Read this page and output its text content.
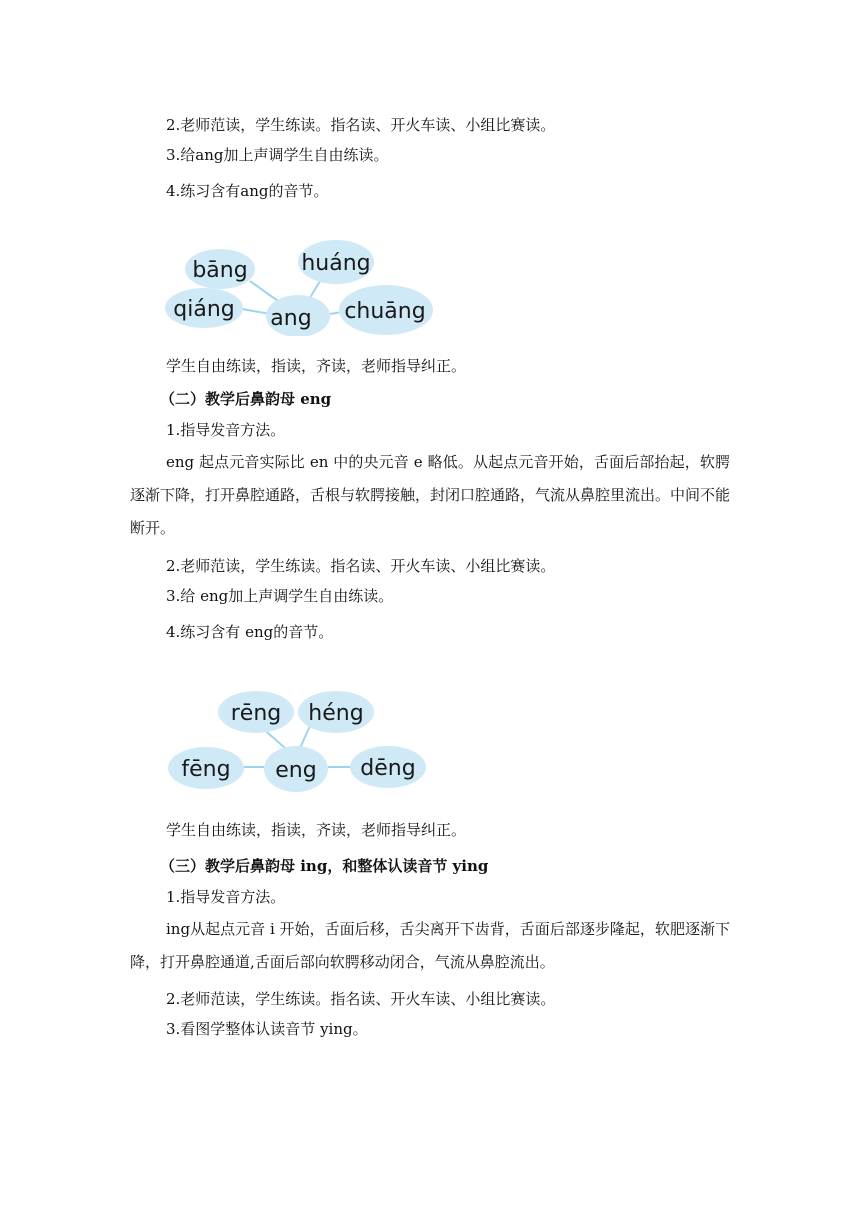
2.老师范读，学生练读。指名读、开火车读、小组比赛读。
3.给ang加上声调学生自由练读。
4.练习含有ang的音节。
bāng huáng
qiáng ang chuāng
学生自由练读，指读，齐读，老师指导纠正。
（二）教学后鼻韵母 eng
1.指导发音方法。
eng 起点元音实际比 en 中的央元音 e 略低。从起点元音开始，舌面后部抬起，软腭逐渐下降，打开鼻腔通路，舌根与软腭接触，封闭口腔通路，气流从鼻腔里流出。中间不能断开。
2.老师范读，学生练读。指名读、开火车读、小组比赛读。
3.给 eng加上声调学生自由练读。
4.练习含有 eng的音节。
rēng héng
fēng eng dēng
学生自由练读，指读，齐读，老师指导纠正。
（三）教学后鼻韵母 ing，和整体认读音节 ying
1.指导发音方法。
ing从起点元音 i 开始，舌面后移，舌尖离开下齿背，舌面后部逐步隆起，软肥逐渐下降，打开鼻腔通道,舌面后部向软腭移动闭合，气流从鼻腔流出。
2.老师范读，学生练读。指名读、开火车读、小组比赛读。
3.看图学整体认读音节 ying。
